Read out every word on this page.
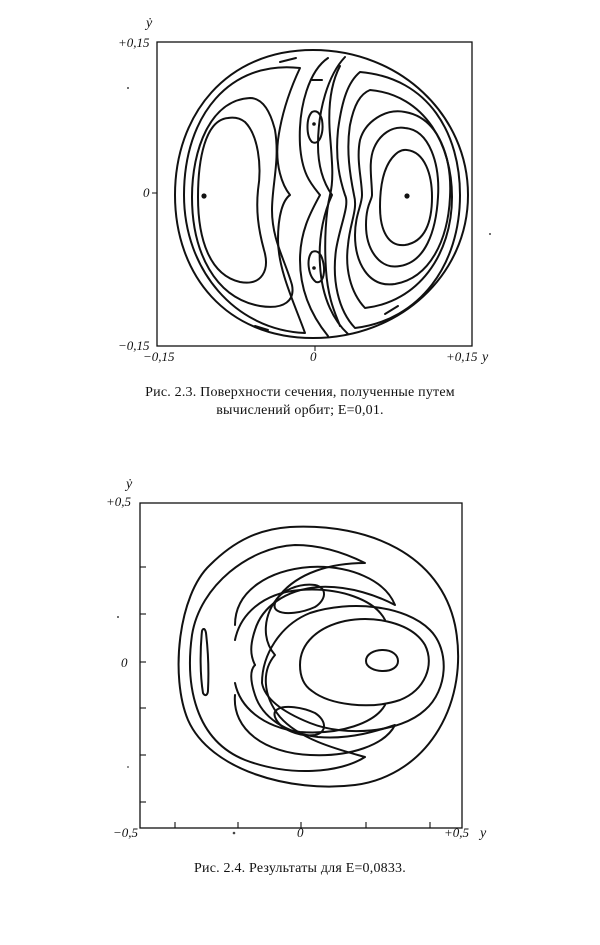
ẏ
+0,15
0
−0,15
−0,15	0	+0,15 y
Рис. 2.3. Поверхности сечения, полученные путем
вычислений орбит; E=0,01.
ẏ
+0,5
0
−0,5	0	+0,5 y
Рис. 2.4. Результаты для E=0,0833.
